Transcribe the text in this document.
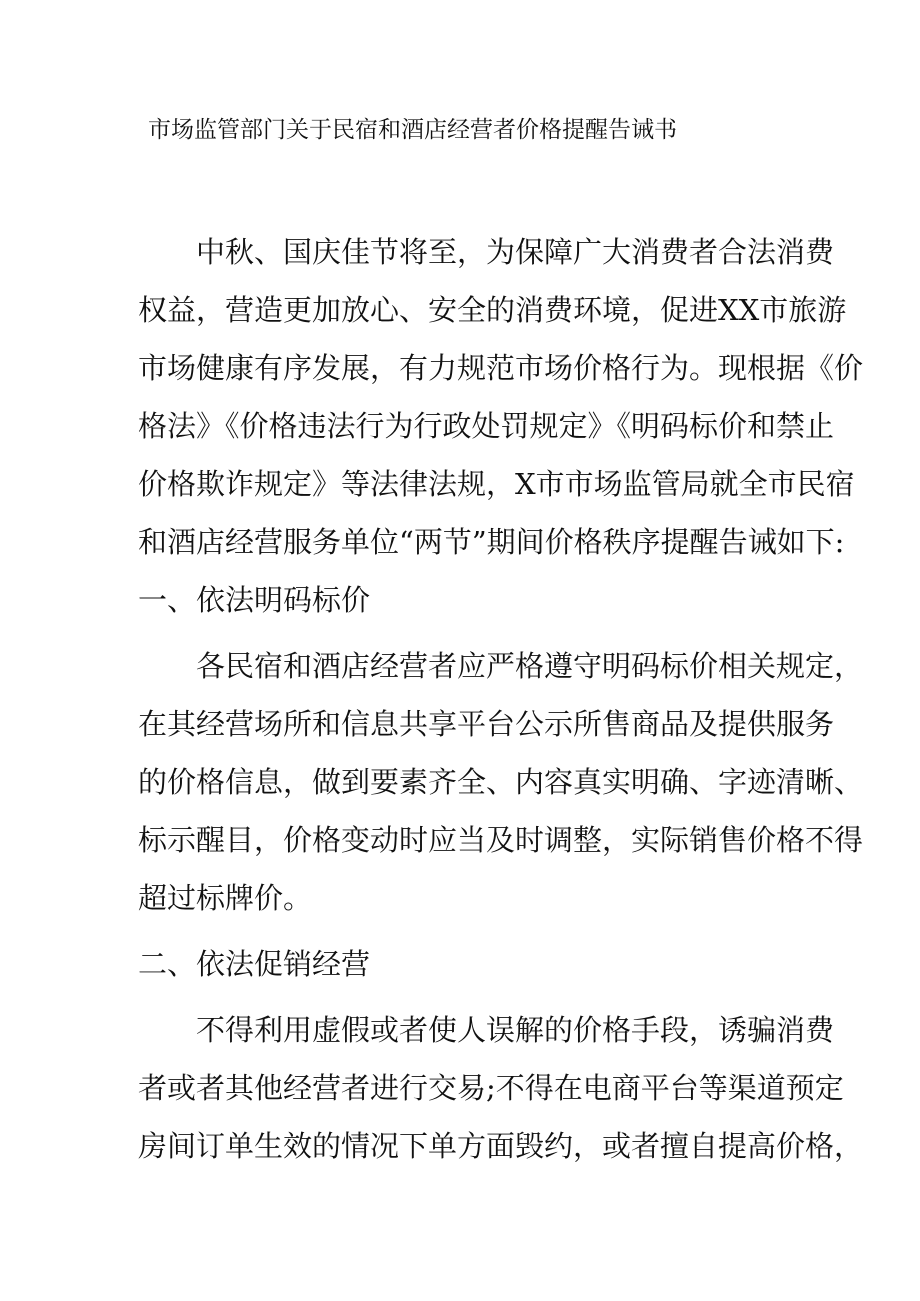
市场监管部门关于民宿和酒店经营者价格提醒告诫书
　　中秋、国庆佳节将至，为保障广大消费者合法消费
权益，营造更加放心、安全的消费环境，促进XX市旅游
市场健康有序发展，有力规范市场价格行为。现根据《价
格法》《价格违法行为行政处罚规定》《明码标价和禁止
价格欺诈规定》等法律法规，X市市场监管局就全市民宿
和酒店经营服务单位“两节”期间价格秩序提醒告诫如下:
一、依法明码标价
　　各民宿和酒店经营者应严格遵守明码标价相关规定，
在其经营场所和信息共享平台公示所售商品及提供服务
的价格信息，做到要素齐全、内容真实明确、字迹清晰、
标示醒目，价格变动时应当及时调整，实际销售价格不得
超过标牌价。
二、依法促销经营
　　不得利用虚假或者使人误解的价格手段，诱骗消费
者或者其他经营者进行交易;不得在电商平台等渠道预定
房间订单生效的情况下单方面毁约，或者擅自提高价格，
